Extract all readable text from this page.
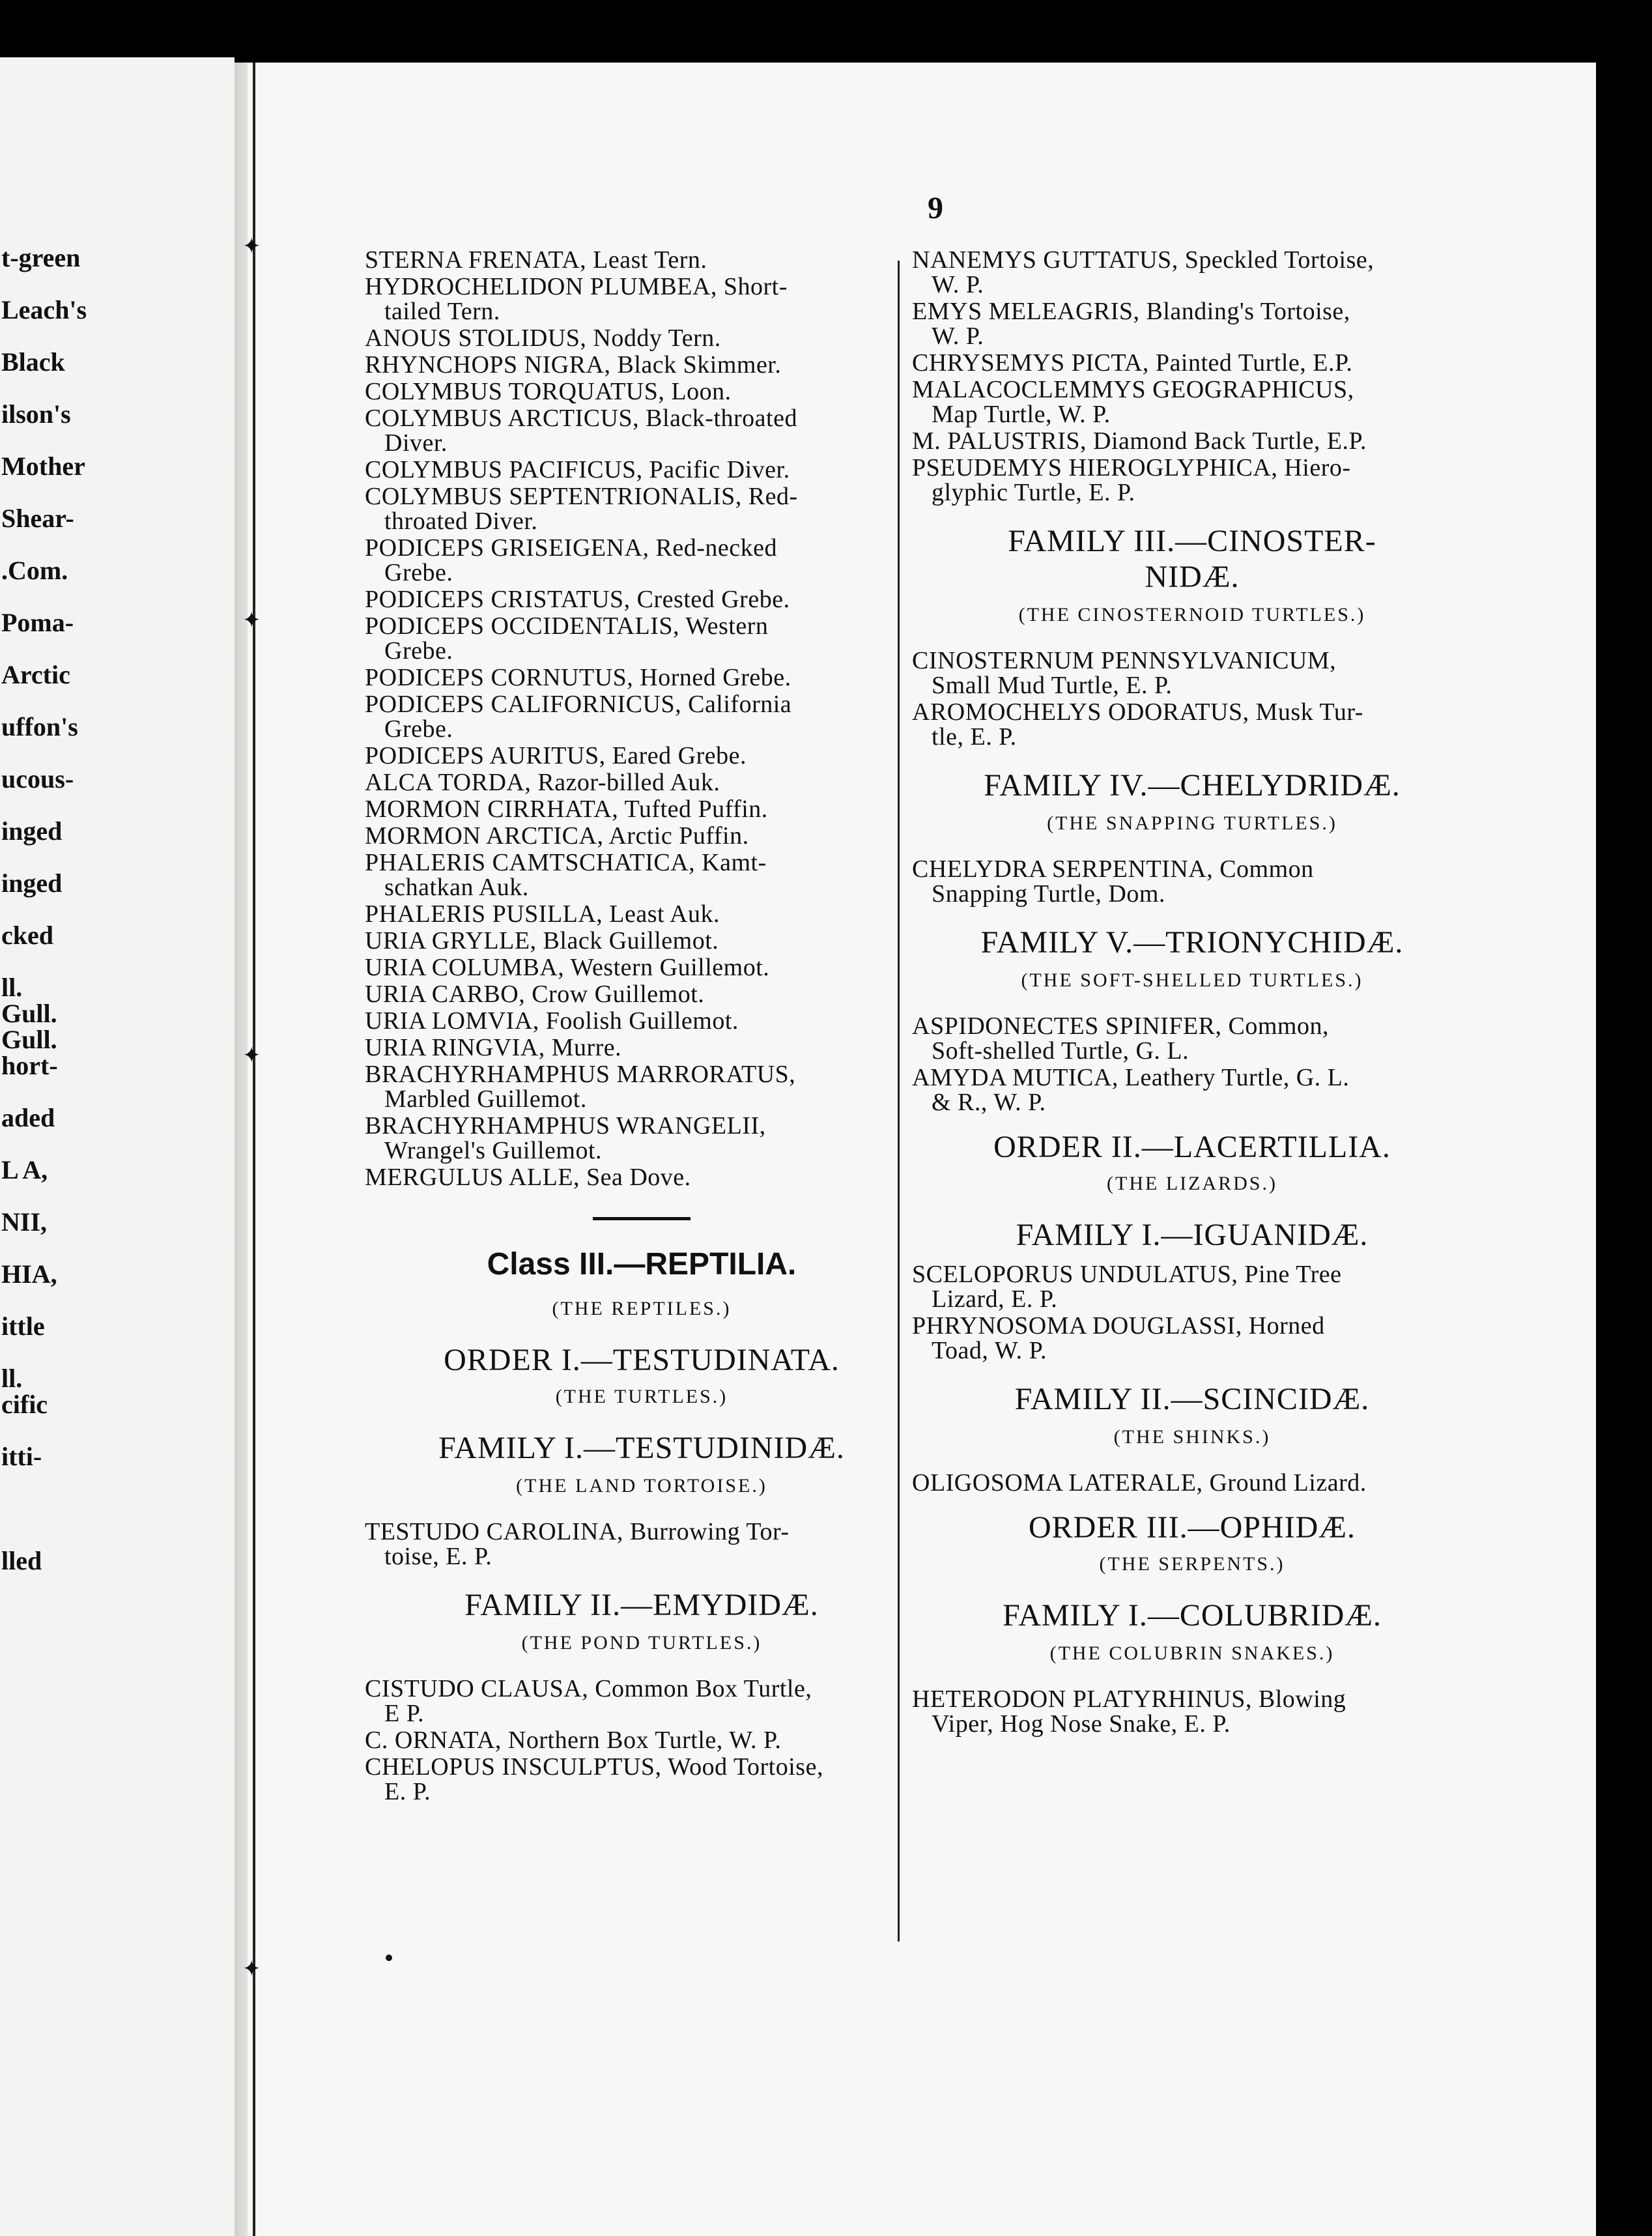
✦
✦
✦
✦
t-green
Leach's
Black
ilson's
Mother
Shear-
.Com.
Poma-
Arctic
uffon's
ucous-
inged
inged
cked
ll.
Gull.
Gull.
hort-
aded
L A,
NII,
HIA,
ittle
ll.
cific
itti-
lled
9
STERNA FRENATA, Least Tern.
HYDROCHELIDON PLUMBEA, Short-
tailed Tern.
ANOUS STOLIDUS, Noddy Tern.
RHYNCHOPS NIGRA, Black Skimmer.
COLYMBUS TORQUATUS, Loon.
COLYMBUS ARCTICUS, Black-throated
Diver.
COLYMBUS PACIFICUS, Pacific Diver.
COLYMBUS SEPTENTRIONALIS, Red-
throated Diver.
PODICEPS GRISEIGENA, Red-necked
Grebe.
PODICEPS CRISTATUS, Crested Grebe.
PODICEPS OCCIDENTALIS, Western
Grebe.
PODICEPS CORNUTUS, Horned Grebe.
PODICEPS CALIFORNICUS, California
Grebe.
PODICEPS AURITUS, Eared Grebe.
ALCA TORDA, Razor-billed Auk.
MORMON CIRRHATA, Tufted Puffin.
MORMON ARCTICA, Arctic Puffin.
PHALERIS CAMTSCHATICA, Kamt-
schatkan Auk.
PHALERIS PUSILLA, Least Auk.
URIA GRYLLE, Black Guillemot.
URIA COLUMBA, Western Guillemot.
URIA CARBO, Crow Guillemot.
URIA LOMVIA, Foolish Guillemot.
URIA RINGVIA, Murre.
BRACHYRHAMPHUS MARRORATUS,
Marbled Guillemot.
BRACHYRHAMPHUS WRANGELII,
Wrangel's Guillemot.
MERGULUS ALLE, Sea Dove.
Class III.—REPTILIA.
(THE REPTILES.)
ORDER I.—TESTUDINATA.
(THE TURTLES.)
FAMILY I.—TESTUDINIDÆ.
(THE LAND TORTOISE.)
TESTUDO CAROLINA, Burrowing Tor-
toise, E. P.
FAMILY II.—EMYDIDÆ.
(THE POND TURTLES.)
CISTUDO CLAUSA, Common Box Turtle,
E P.
C. ORNATA, Northern Box Turtle, W. P.
CHELOPUS INSCULPTUS, Wood Tortoise,
E. P.
NANEMYS GUTTATUS, Speckled Tortoise,
W. P.
EMYS MELEAGRIS, Blanding's Tortoise,
W. P.
CHRYSEMYS PICTA, Painted Turtle, E.P.
MALACOCLEMMYS GEOGRAPHICUS,
Map Turtle, W. P.
M. PALUSTRIS, Diamond Back Turtle, E.P.
PSEUDEMYS HIEROGLYPHICA, Hiero-
glyphic Turtle, E. P.
FAMILY III.—CINOSTER-
NIDÆ.
(THE CINOSTERNOID TURTLES.)
CINOSTERNUM PENNSYLVANICUM,
Small Mud Turtle, E. P.
AROMOCHELYS ODORATUS, Musk Tur-
tle, E. P.
FAMILY IV.—CHELYDRIDÆ.
(THE SNAPPING TURTLES.)
CHELYDRA SERPENTINA, Common
Snapping Turtle, Dom.
FAMILY V.—TRIONYCHIDÆ.
(THE SOFT-SHELLED TURTLES.)
ASPIDONECTES SPINIFER, Common,
Soft-shelled Turtle, G. L.
AMYDA MUTICA, Leathery Turtle, G. L.
& R., W. P.
ORDER II.—LACERTILLIA.
(THE LIZARDS.)
FAMILY I.—IGUANIDÆ.
SCELOPORUS UNDULATUS, Pine Tree
Lizard, E. P.
PHRYNOSOMA DOUGLASSI, Horned
Toad, W. P.
FAMILY II.—SCINCIDÆ.
(THE SHINKS.)
OLIGOSOMA LATERALE, Ground Lizard.
ORDER III.—OPHIDÆ.
(THE SERPENTS.)
FAMILY I.—COLUBRIDÆ.
(THE COLUBRIN SNAKES.)
HETERODON PLATYRHINUS, Blowing
Viper, Hog Nose Snake, E. P.
